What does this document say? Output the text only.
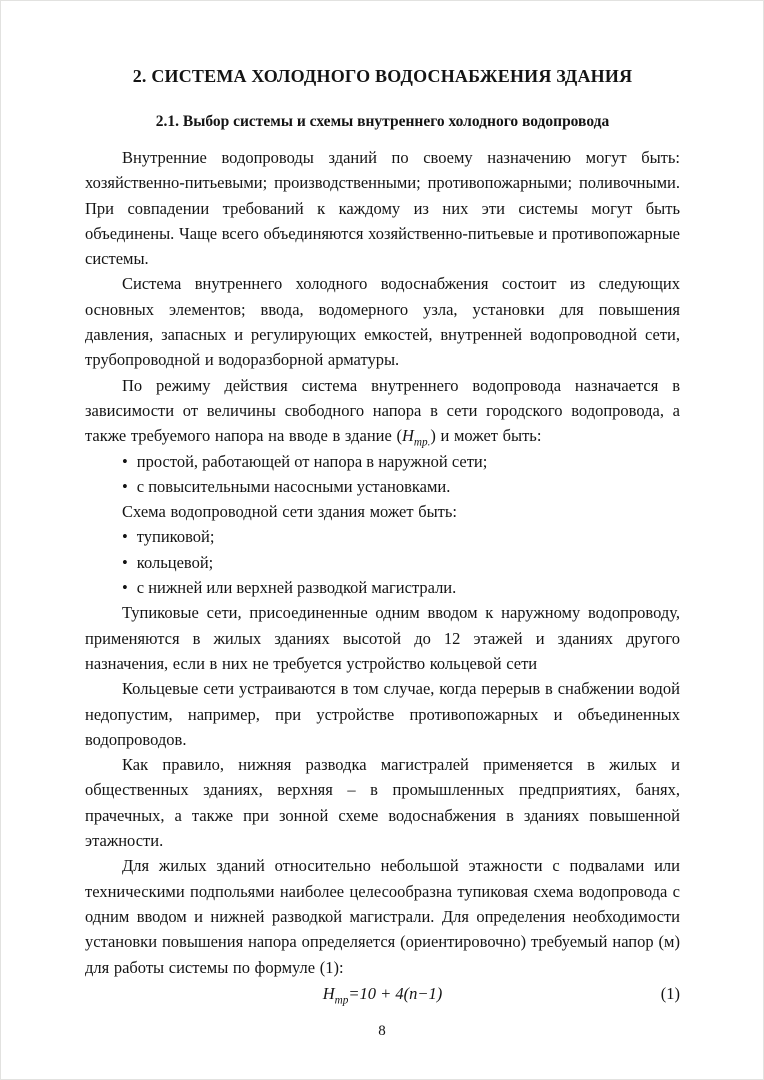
2. СИСТЕМА ХОЛОДНОГО ВОДОСНАБЖЕНИЯ ЗДАНИЯ
2.1. Выбор системы и схемы внутреннего холодного водопровода

Внутренние водопроводы зданий по своему назначению могут быть: хозяйственно-питьевыми; производственными; противопожарными; поливочными. При совпадении требований к каждому из них эти системы могут быть объединены. Чаще всего объединяются хозяйственно-питьевые и противопожарные системы.

Система внутреннего холодного водоснабжения состоит из следующих основных элементов; ввода, водомерного узла, установки для повышения давления, запасных и регулирующих емкостей, внутренней водопроводной сети, трубопроводной и водоразборной арматуры.

По режиму действия система внутреннего водопровода назначается в зависимости от величины свободного напора в сети городского водопровода, а также требуемого напора на вводе в здание $(Н_{тр.})$ и может быть:

• простой, работающей от напора в наружной сети;
• с повысительными насосными установками.

Схема водопроводной сети здания может быть:

• тупиковой;
• кольцевой;
• с нижней или верхней разводкой магистрали.

Тупиковые сети, присоединенные одним вводом к наружному водопроводу, применяются в жилых зданиях высотой до 12 этажей и зданиях другого назначения, если в них не требуется устройство кольцевой сети

Кольцевые сети устраиваются в том случае, когда перерыв в снабжении водой недопустим, например, при устройстве противопожарных и объединенных водопроводов.

Как правило, нижняя разводка магистралей применяется в жилых и общественных зданиях, верхняя – в промышленных предприятиях, банях, прачечных, а также при зонной схеме водоснабжения в зданиях повышенной этажности.

Для жилых зданий относительно небольшой этажности с подвалами или техническими подпольями наиболее целесообразна тупиковая схема водопровода с одним вводом и нижней разводкой магистрали. Для определения необходимости установки повышения напора определяется (ориентировочно) требуемый напор (м) для работы системы по формуле (1):

$Н_{тр}=10 + 4(n-1)$	(1)
8
